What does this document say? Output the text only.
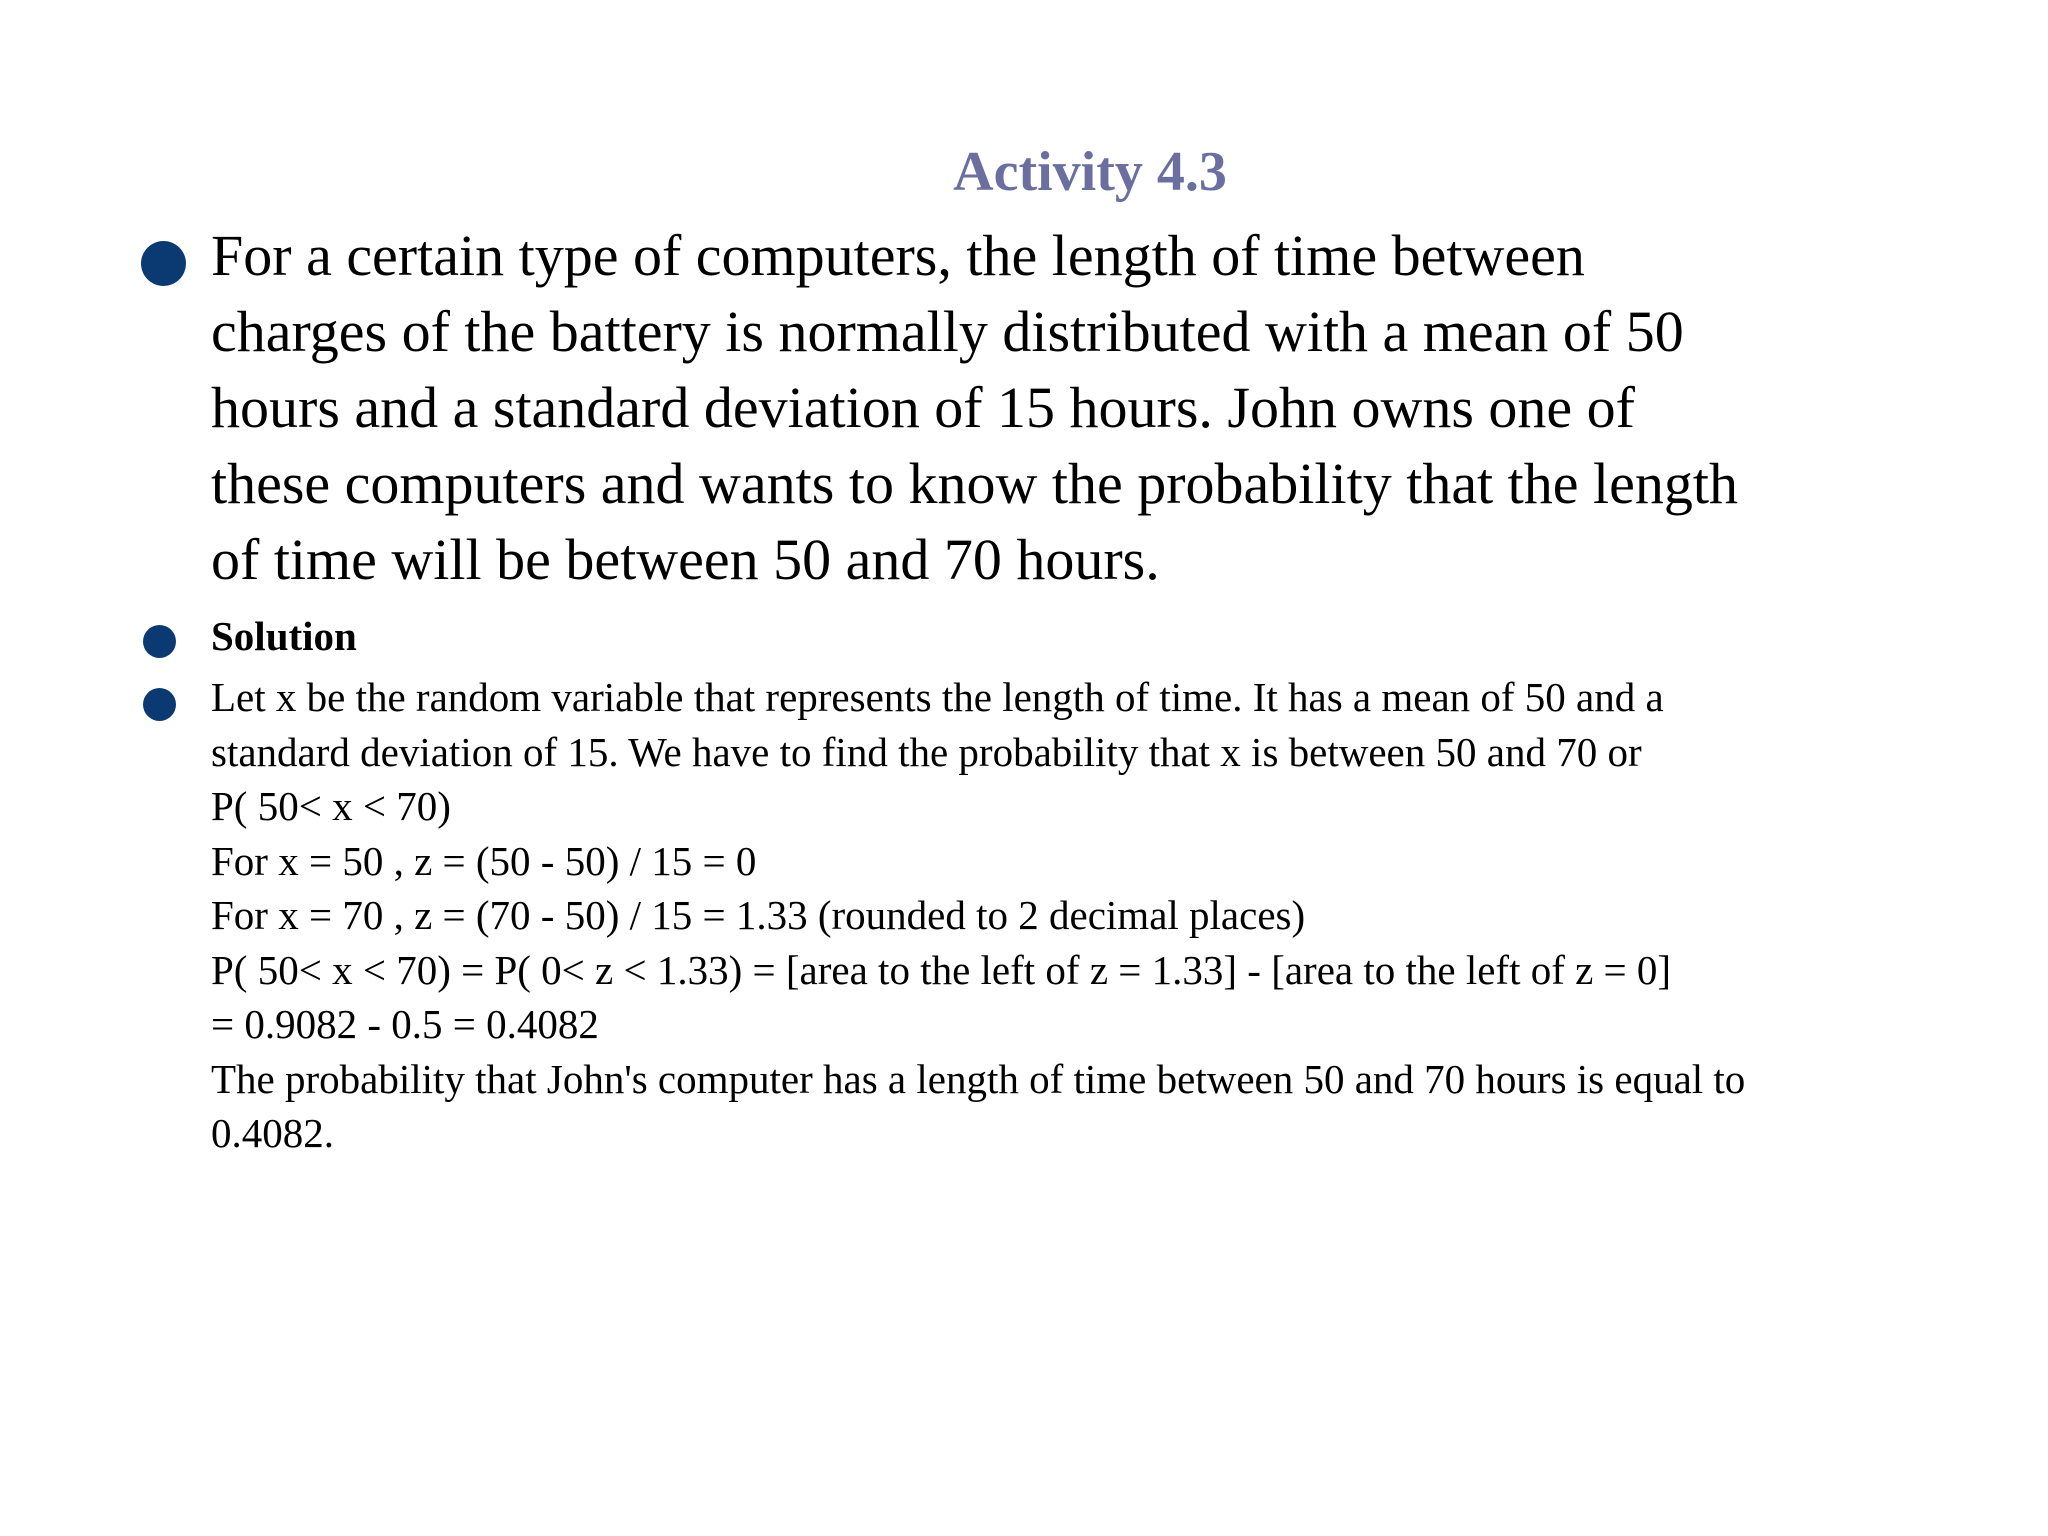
Activity 4.3

For a certain type of computers, the length of time between
charges of the battery is normally distributed with a mean of 50
hours and a standard deviation of 15 hours. John owns one of
these computers and wants to know the probability that the length
of time will be between 50 and 70 hours.

Solution

Let x be the random variable that represents the length of time. It has a mean of 50 and a
standard deviation of 15. We have to find the probability that x is between 50 and 70 or
P( 50< x < 70)
For x = 50 , z = (50 - 50) / 15 = 0
For x = 70 , z = (70 - 50) / 15 = 1.33 (rounded to 2 decimal places)
P( 50< x < 70) = P( 0< z < 1.33) = [area to the left of z = 1.33] - [area to the left of z = 0]
= 0.9082 - 0.5 = 0.4082
The probability that John's computer has a length of time between 50 and 70 hours is equal to
0.4082.
